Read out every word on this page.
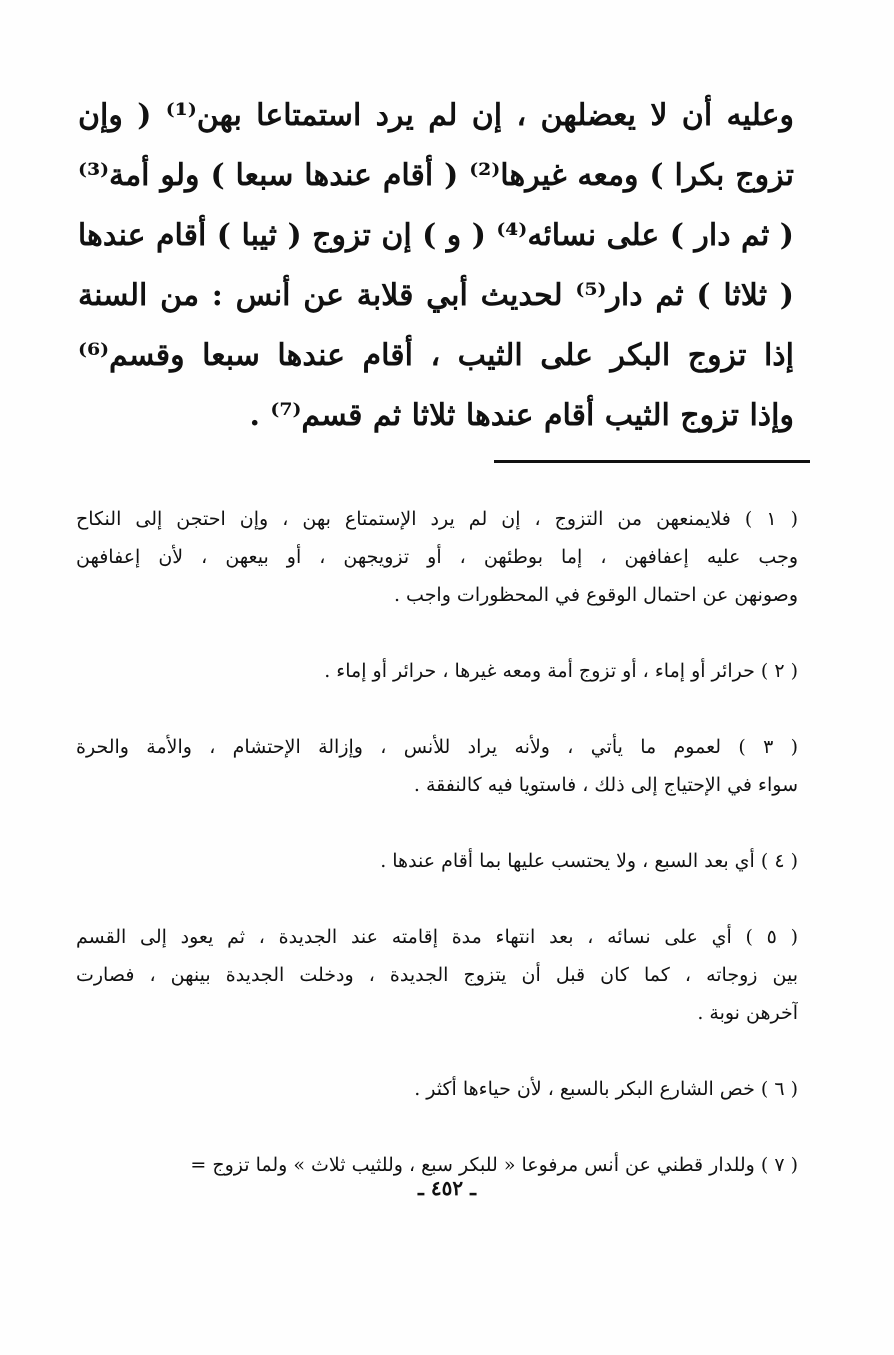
وعليه أن لا يعضلهن ، إن لم يرد استمتاعا بهن⁽¹⁾ ( وإن
تزوج بكرا ) ومعه غيرها⁽²⁾ ( أقام عندها سبعا ) ولو أمة⁽³⁾
( ثم دار ) على نسائه⁽⁴⁾ ( و ) إن تزوج ( ثيبا ) أقام عندها
( ثلاثا ) ثم دار⁽⁵⁾ لحديث أبي قلابة عن أنس : من السنة
إذا تزوج البكر على الثيب ، أقام عندها سبعا وقسم⁽⁶⁾
وإذا تزوج الثيب أقام عندها ثلاثا ثم قسم⁽⁷⁾ .
( ١ ) فلايمنعهن من التزوج ، إن لم يرد الإستمتاع بهن ، وإن احتجن إلى النكاح
وجب عليه إعفافهن ، إما بوطئهن ، أو تزويجهن ، أو بيعهن ، لأن إعفافهن
وصونهن عن احتمال الوقوع في المحظورات واجب .
( ٢ ) حرائر أو إماء ، أو تزوج أمة ومعه غيرها ، حرائر أو إماء .
( ٣ ) لعموم ما يأتي ، ولأنه يراد للأنس ، وإزالة الإحتشام ، والأمة والحرة
سواء في الإحتياج إلى ذلك ، فاستويا فيه كالنفقة .
( ٤ ) أي بعد السبع ، ولا يحتسب عليها بما أقام عندها .
( ٥ ) أي على نسائه ، بعد انتهاء مدة إقامته عند الجديدة ، ثم يعود إلى القسم
بين زوجاته ، كما كان قبل أن يتزوج الجديدة ، ودخلت الجديدة بينهن ، فصارت
آخرهن نوبة .
( ٦ ) خص الشارع البكر بالسبع ، لأن حياءها أكثر .
( ٧ ) وللدار قطني عن أنس مرفوعا « للبكر سبع ، وللثيب ثلاث » ولما تزوج =
ـ ٤٥٢ ـ
